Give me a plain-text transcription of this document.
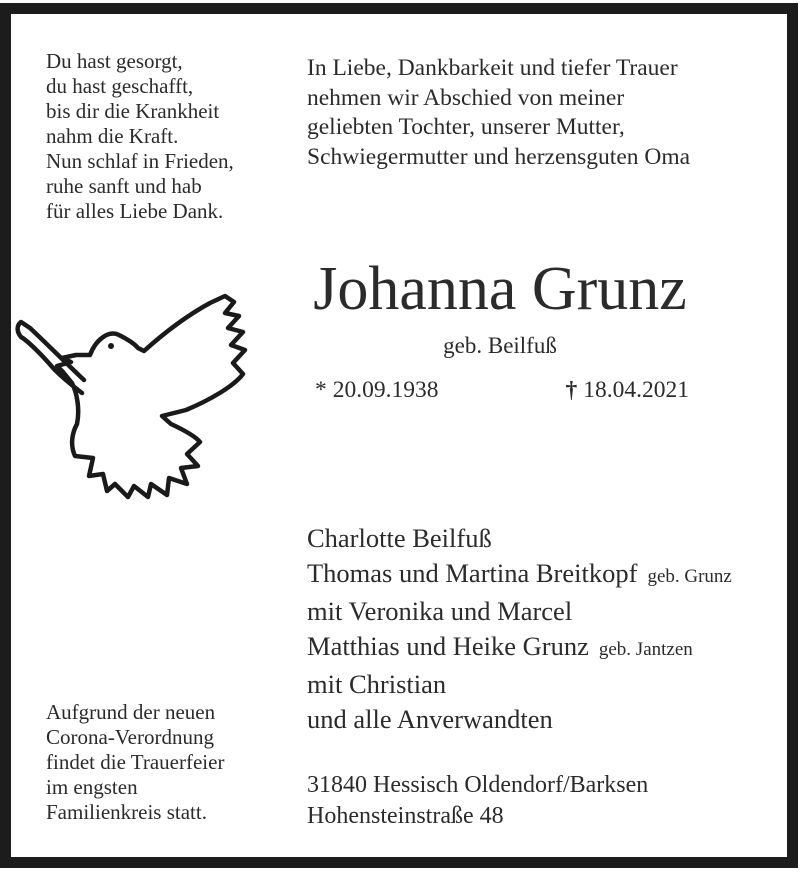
Du hast gesorgt,
du hast geschafft,
bis dir die Krankheit
nahm die Kraft.
Nun schlaf in Frieden,
ruhe sanft und hab
für alles Liebe Dank.
In Liebe, Dankbarkeit und tiefer Trauer
nehmen wir Abschied von meiner
geliebten Tochter, unserer Mutter,
Schwiegermutter und herzensguten Oma
Johanna Grunz
geb. Beilfuß
* 20.09.1938	† 18.04.2021
Charlotte Beilfuß
Thomas und Martina Breitkopf geb. Grunz
mit Veronika und Marcel
Matthias und Heike Grunz geb. Jantzen
mit Christian
und alle Anverwandten
Aufgrund der neuen
Corona-Verordnung
findet die Trauerfeier
im engsten
Familienkreis statt.
31840 Hessisch Oldendorf/Barksen
Hohensteinstraße 48
